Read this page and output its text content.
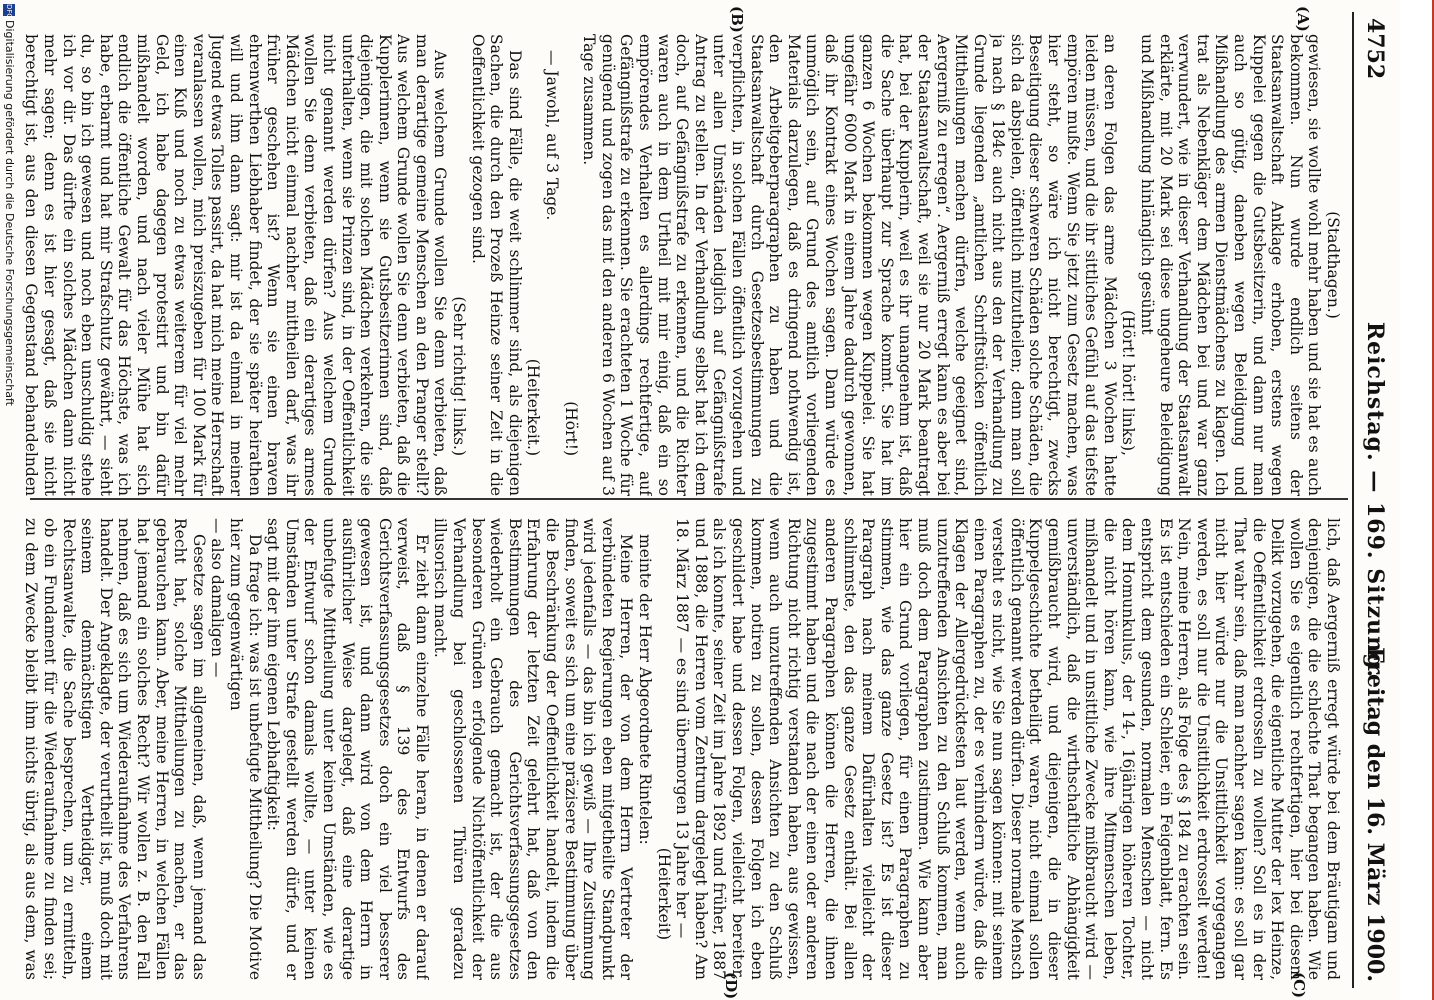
4752
Reichstag. — 169. Sitzung.
Freitag den 16. März 1900.
(A)
(B)
(C)
(D)

(Stadthagen.)

gewiesen, sie wollte wohl mehr haben und sie hat es auch bekommen. Nun wurde endlich seitens der Staatsanwaltschaft Anklage erhoben, erstens wegen Kuppelei gegen die Gutsbesitzerin, und dann nur man auch so gütig, daneben wegen Beleidigung und Mißhandlung des armen Dienstmädchens zu klagen. Ich trat als Nebenkläger dem Mädchen bei und war ganz verwundert, wie in dieser Verhandlung der Staatsanwalt erklärte, mit 20 Mark sei diese ungeheure Beleidigung und Mißhandlung hinlänglich gesühnt

(Hört! hört! links),

an deren Folgen das arme Mädchen 3 Wochen hatte leiden müssen, und die ihr sittliches Gefühl auf das tiefste empören mußte. Wenn Sie jetzt zum Gesetz machen, was hier steht, so wäre ich nicht berechtigt, zwecks Beseitigung dieser schweren Schäden solche Schäden, die sich da abspielen, öffentlich mitzutheilen; denn man soll ja nach § 184c auch nicht aus den der Verhandlung zu Grunde liegenden „amtlichen Schriftstücken öffentlich Mittheilungen machen dürfen, welche geeignet sind, Aergerniß zu erregen“. Aergerniß erregt kann es aber bei der Staatsanwaltschaft, weil sie nur 20 Mark beantragt hat, bei der Kupplerin, weil es ihr unangenehm ist, daß die Sache überhaupt zur Sprache kommt. Sie hat im ganzen 6 Wochen bekommen wegen Kuppelei. Sie hat ungefähr 6000 Mark in einem Jahre dadurch gewonnen, daß ihr Kontrakt eines Wochen sagen. Dann würde es unmöglich sein, auf Grund des amtlich vorliegenden Materials darzulegen, daß es dringend nothwendig ist, den Arbeitgeberparagraphen zu haben und die Staatsanwaltschaft durch Gesetzesbestimmungen zu verpflichten, in solchen Fällen öffentlich vorzugehen und unter allen Umständen lediglich auf Gefängnißstrafe Antrag zu stellen. In der Verhandlung selbst hat ich dem doch, auf Gefängnißstrafe zu erkennen, und die Richter waren auch in dem Urtheil mit mir einig, daß ein so empörendes Verhalten es allerdings rechtfertige, auf Gefängnißstrafe zu erkennen. Sie erachteten 1 Woche für genügend und zogen das mit den anderen 6 Wochen auf 3 Tage zusammen.

(Hört!)

— Jawohl, auf 3 Tage.

(Heiterkeit.)

Das sind Fälle, die weit schlimmer sind, als diejenigen Sachen, die durch den Prozeß Heinze seiner Zeit in die Oeffentlichkeit gezogen sind.

(Sehr richtig! links.)

Aus welchem Grunde wollen Sie denn verbieten, daß man derartige gemeine Menschen an den Pranger stellt? Aus welchem Grunde wollen Sie denn verbieten, daß die Kupplerinnen, wenn sie Gutsbesitzerinnen sind, daß diejenigen, die mit solchen Mädchen verkehren, die sie unterhalten, wenn sie Prinzen sind, in der Oeffentlichkeit nicht genannt werden dürfen? Aus welchem Grunde wollen Sie denn verbieten, daß ein derartiges armes Mädchen nicht einmal nachher mittheilen darf, was ihr früher geschehen ist? Wenn sie einen braven ehrenwerthen Liebhaber findet, der sie später heirathen will und ihm dann sagt: mir ist da einmal in meiner Jugend etwas Tolles passirt, da hat mich meine Herrschaft veranlassen wollen, mich preiszugeben für 100 Mark für einen Kuß und noch zu etwas weiterem für viel mehr Geld, ich habe dagegen protestirt und bin dafür mißhandelt worden, und nach vieler Mühe hat sich endlich die öffentliche Gewalt für das Höchste, was ich habe, erbarmt und hat mir Strafschutz gewährt, — sieht du, so bin ich gewesen und noch eben unschuldig stehe ich vor dir. Das dürfte ein solches Mädchen dann nicht mehr sagen; denn es ist hier gesagt, daß sie nicht berechtigt ist, aus den diesen Gegenstand behandelnden

lich, daß Aergerniß erregt würde bei dem Bräutigam und denjenigen, die die schlechte That begangen haben. Wie wollen Sie es eigentlich rechtfertigen, hier bei diesem Delikt vorzugehen, die eigentliche Mutter der lex Heinze, die Oeffentlichkeit erdrosseln zu wollen? Soll es in der That wahr sein, daß man nachher sagen kann: es soll gar nicht hier würde nur die Unsittlichkeit vorgegangen werden, es soll nur die Unsittlichkeit erdrosselt werden! Nein, meine Herren, als Folge des § 184 zu erachten sein. Es ist entschieden ein Schleier, ein Feigenblatt, fern. Es entspricht dem gesunden, normalen Menschen — nicht dem Homunkulus, der 14-, 16jährigen höheren Tochter, die nicht hören kann, wie ihre Mitmenschen leben, mißhandelt und in unsittliche Zwecke mißbraucht wird — unverständlich, daß die wirthschaftliche Abhängigkeit gemißbraucht wird, und diejenigen, die in dieser Kuppelgeschichte betheiligt waren, nicht einmal sollen öffentlich genannt werden dürfen. Dieser normale Mensch versteht es nicht, wie Sie nun sagen können: mit seinem einen Paragraphen zu, der es verhindern würde, daß die Klagen der Allergedrücktesten laut werden, wenn auch unzutreffenden Ansichten zu den Schluß kommen, man muß doch dem Paragraphen zustimmen. Wie kann aber hier ein Grund vorliegen, für einen Paragraphen zu stimmen, wie das ganze Gesetz ist? Es ist dieser Paragraph nach meinem Dafürhalten vielleicht der schlimmste, den das ganze Gesetz enthält. Bei allen anderen Paragraphen können die Herren, die ihnen zugestimmt haben und die nach der einen oder anderen Richtung nicht richtig verstanden haben, aus gewissen, wenn auch unzutreffenden Ansichten zu den Schluß kommen, notiren zu sollen, dessen Folgen ich eben geschildert habe und dessen Folgen, vielleicht bereiter, als ich konnte, seiner Zeit im Jahre 1892 und früher, 1887 und 1888, die Herren vom Zentrum dargelegt haben? Am 18. März 1887 — es sind übermorgen 13 Jahre her —

(Heiterkeit)

meinte der Herr Abgeordnete Rintelen:

Meine Herren, der von dem Herrn Vertreter der verbündeten Regierungen eben mitgetheilte Standpunkt wird jedenfalls — das bin ich gewiß — Ihre Zustimmung finden, soweit es sich um eine präzisere Bestimmung über die Beschränkung der Oeffentlichkeit handelt, indem die Erfahrung der letzten Zeit gelehrt hat, daß von den Bestimmungen des Gerichtsverfassungsgesetzes wiederholt ein Gebrauch gemacht ist, der die aus besonderen Gründen erfolgende Nichtöffentlichkeit der Verhandlung bei geschlossenen Thüren geradezu illusorisch macht.

Er zieht dann einzelne Fälle heran, in denen er darauf verweist, daß § 139 des Entwurfs des Gerichtsverfassungsgesetzes doch ein viel besserer gewesen ist, und dann wird von dem Herrn in ausführlicher Weise dargelegt, daß eine derartige unbefugte Mittheilung unter keinen Umständen, wie es der Entwurf schon damals wollte, — unter keinen Umständen unter Strafe gestellt werden dürfe, und er sagt mit der ihm eigenen Lebhaftigkeit:

Da frage ich: was ist unbefugte Mittheilung? Die Motive hier zum gegenwärtigen

— also damaligen —

Gesetze sagen im allgemeinen, daß, wenn jemand das Recht hat, solche Mittheilungen zu machen, er das gebrauchen kann. Aber, meine Herren, in welchen Fällen hat jemand ein solches Recht? Wir wollen z. B. den Fall nehmen, daß es sich um Wiederaufnahme des Verfahrens handelt. Der Angeklagte, der verurtheilt ist, muß doch mit seinem demnächstigen Vertheidiger, einem Rechtsanwalte, die Sache besprechen, um zu ermitteln, ob ein Fundament für die Wiederaufnahme zu finden sei; zu dem Zwecke bleibt ihm nichts übrig, als aus dem, was

DFG
Digitalisierung gefördert durch die Deutsche Forschungsgemeinschaft
